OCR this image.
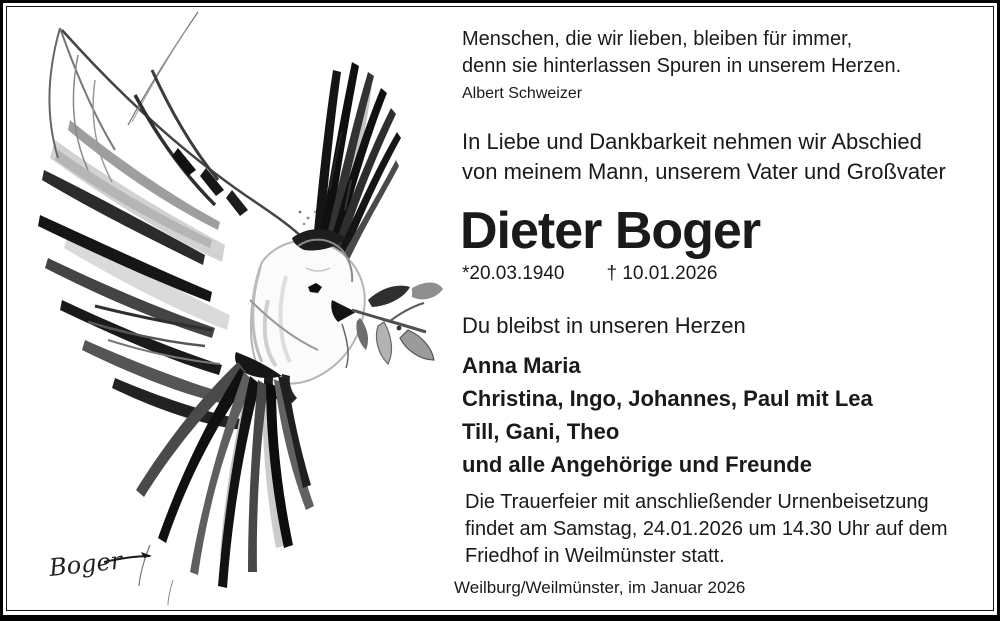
Boger
Menschen, die wir lieben, bleiben für immer,
denn sie hinterlassen Spuren in unserem Herzen.
Albert Schweizer
In Liebe und Dankbarkeit nehmen wir Abschied
von meinem Mann, unserem Vater und Großvater
Dieter Boger
*20.03.1940 † 10.01.2026
Du bleibst in unseren Herzen
Anna Maria
Christina, Ingo, Johannes, Paul mit Lea
Till, Gani, Theo
und alle Angehörige und Freunde
Die Trauerfeier mit anschließender Urnenbeisetzung
findet am Samstag, 24.01.2026 um 14.30 Uhr auf dem
Friedhof in Weilmünster statt.
Weilburg/Weilmünster, im Januar 2026
